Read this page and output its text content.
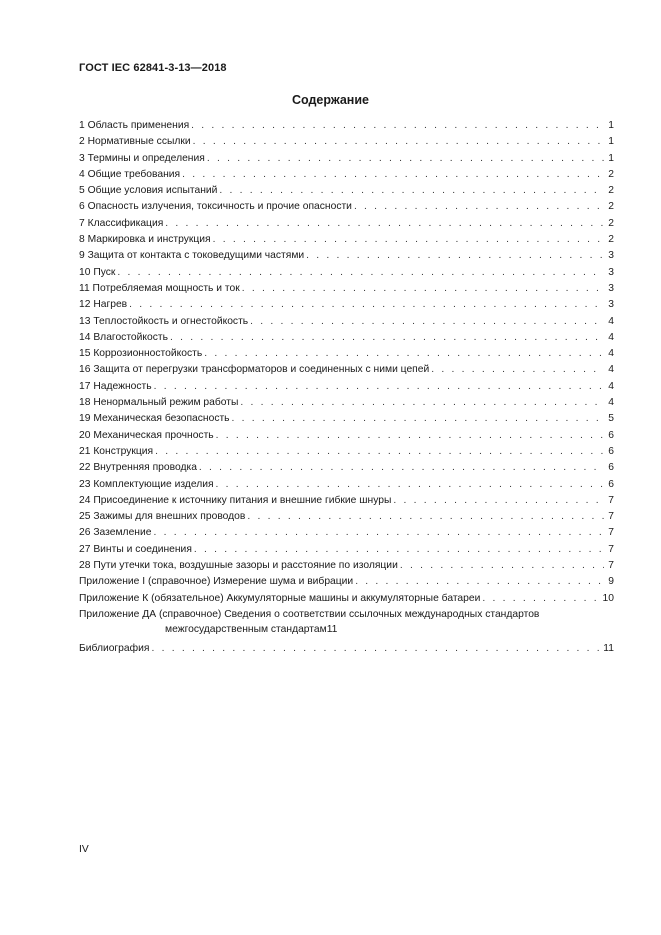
ГОСТ IEC 62841-3-13—2018
Содержание
1 Область применения . . .	1
2 Нормативные ссылки . . .	1
3 Термины и определения . . .	1
4 Общие требования . . .	2
5 Общие условия испытаний . . .	2
6 Опасность излучения, токсичность и прочие опасности . . .	2
7 Классификация . . .	2
8 Маркировка и инструкция . . .	2
9 Защита от контакта с токоведущими частями . . .	3
10 Пуск . . .	3
11 Потребляемая мощность и ток . . .	3
12 Нагрев . . .	3
13 Теплостойкость и огнестойкость . . .	4
14 Влагостойкость . . .	4
15 Коррозионностойкость . . .	4
16 Защита от перегрузки трансформаторов и соединенных с ними цепей . . .	4
17 Надежность . . .	4
18 Ненормальный режим работы . . .	4
19 Механическая безопасность . . .	5
20 Механическая прочность . . .	6
21 Конструкция . . .	6
22 Внутренняя проводка . . .	6
23 Комплектующие изделия . . .	6
24 Присоединение к источнику питания и внешние гибкие шнуры . . .	7
25 Зажимы для внешних проводов . . .	7
26 Заземление . . .	7
27 Винты и соединения . . .	7
28 Пути утечки тока, воздушные зазоры и расстояние по изоляции . . .	7
Приложение I (справочное) Измерение шума и вибрации . . .	9
Приложение К (обязательное) Аккумуляторные машины и аккумуляторные батареи . . .	10
Приложение ДА (справочное) Сведения о соответствии ссылочных международных стандартов
межгосударственным стандартам 11
Библиография . . .	11
IV
